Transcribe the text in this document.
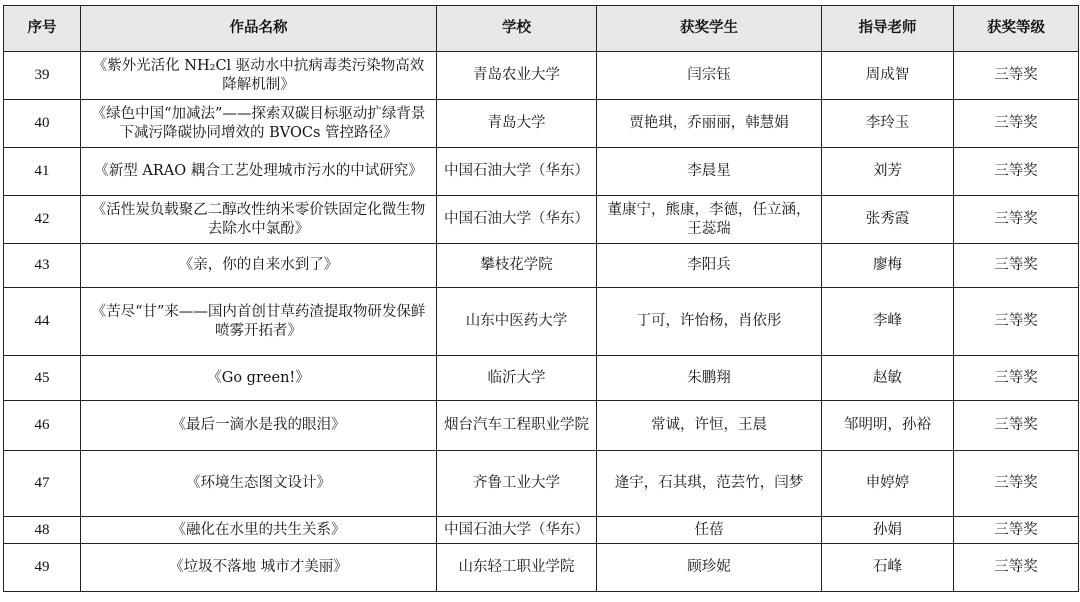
序号	作品名称	学校	获奖学生	指导老师	获奖等级
39	《紫外光活化 NH₂Cl 驱动水中抗病毒类污染物高效降解机制》	青岛农业大学	闫宗钰	周成智	三等奖
40	《绿色中国“加减法”——探索双碳目标驱动扩绿背景下减污降碳协同增效的 BVOCs 管控路径》	青岛大学	贾艳琪，乔丽丽，韩慧娟	李玲玉	三等奖
41	《新型 ARAO 耦合工艺处理城市污水的中试研究》	中国石油大学（华东）	李晨星	刘芳	三等奖
42	《活性炭负载聚乙二醇改性纳米零价铁固定化微生物去除水中氯酚》	中国石油大学（华东）	董康宁，熊康，李德，任立涵，王蕊瑞	张秀霞	三等奖
43	《亲，你的自来水到了》	攀枝花学院	李阳兵	廖梅	三等奖
44	《苦尽“甘”来——国内首创甘草药渣提取物研发保鲜喷雾开拓者》	山东中医药大学	丁可，许怡杨，肖依彤	李峰	三等奖
45	《Go green!》	临沂大学	朱鹏翔	赵敏	三等奖
46	《最后一滴水是我的眼泪》	烟台汽车工程职业学院	常诚，许恒，王晨	邹明明，孙裕	三等奖
47	《环境生态图文设计》	齐鲁工业大学	逄宇，石其琪，范芸竹，闫梦	申婷婷	三等奖
48	《融化在水里的共生关系》	中国石油大学（华东）	任蓓	孙娟	三等奖
49	《垃圾不落地 城市才美丽》	山东轻工职业学院	顾珍妮	石峰	三等奖
